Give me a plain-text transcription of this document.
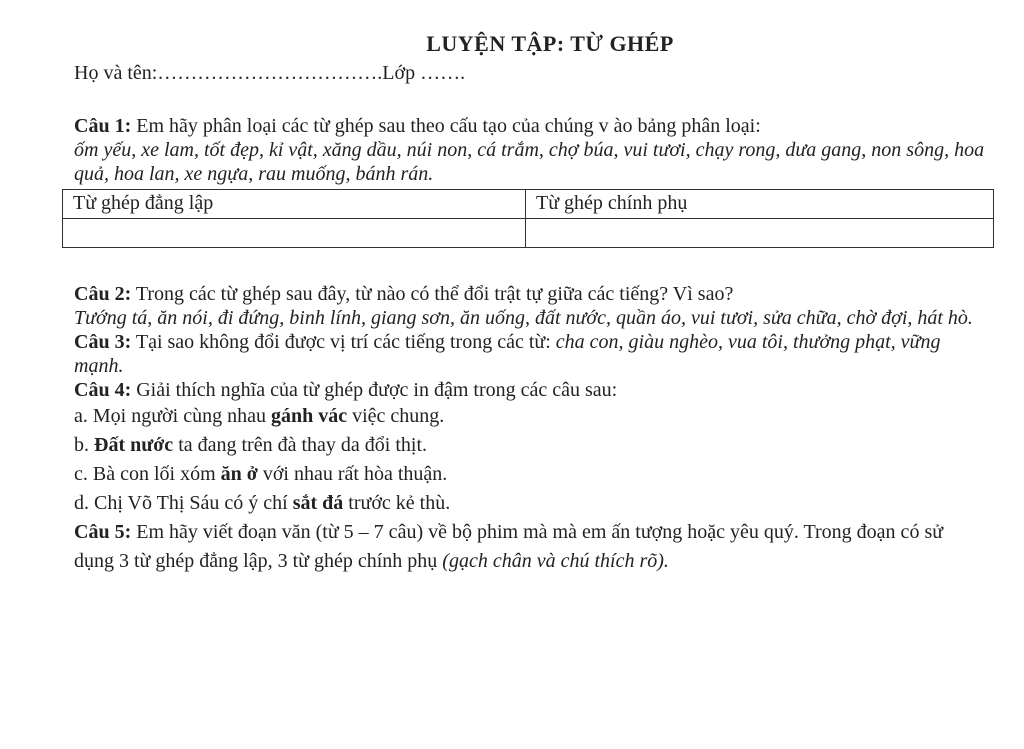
LUYỆN TẬP: TỪ GHÉP
Họ và tên:…………………………….Lớp …….
Câu 1: Em hãy phân loại các từ ghép sau theo cấu tạo của chúng v ào bảng phân loại:
ốm yếu, xe lam, tốt đẹp, kỉ vật, xăng dầu, núi non, cá trắm, chợ búa, vui tươi, chạy rong, dưa gang, non sông, hoa quả, hoa lan, xe ngựa, rau muống, bánh rán.
Từ ghép đẳng lập	Từ ghép chính phụ

Câu 2: Trong các từ ghép sau đây, từ nào có thể đổi trật tự giữa các tiếng? Vì sao?
Tướng tá, ăn nói, đi đứng, binh lính, giang sơn, ăn uống, đất nước, quần áo, vui tươi, sửa chữa, chờ đợi, hát hò.
Câu 3: Tại sao không đổi được vị trí các tiếng trong các từ: cha con, giàu nghèo, vua tôi, thưởng phạt, vững mạnh.
Câu 4: Giải thích nghĩa của từ ghép được in đậm trong các câu sau:
a. Mọi người cùng nhau gánh vác việc chung.
b. Đất nước ta đang trên đà thay da đổi thịt.
c. Bà con lối xóm ăn ở với nhau rất hòa thuận.
d. Chị Võ Thị Sáu có ý chí sắt đá trước kẻ thù.
Câu 5: Em hãy viết đoạn văn (từ 5 – 7 câu) về bộ phim mà mà em ấn tượng hoặc yêu quý. Trong đoạn có sử dụng 3 từ ghép đẳng lập, 3 từ ghép chính phụ (gạch chân và chú thích rõ).
